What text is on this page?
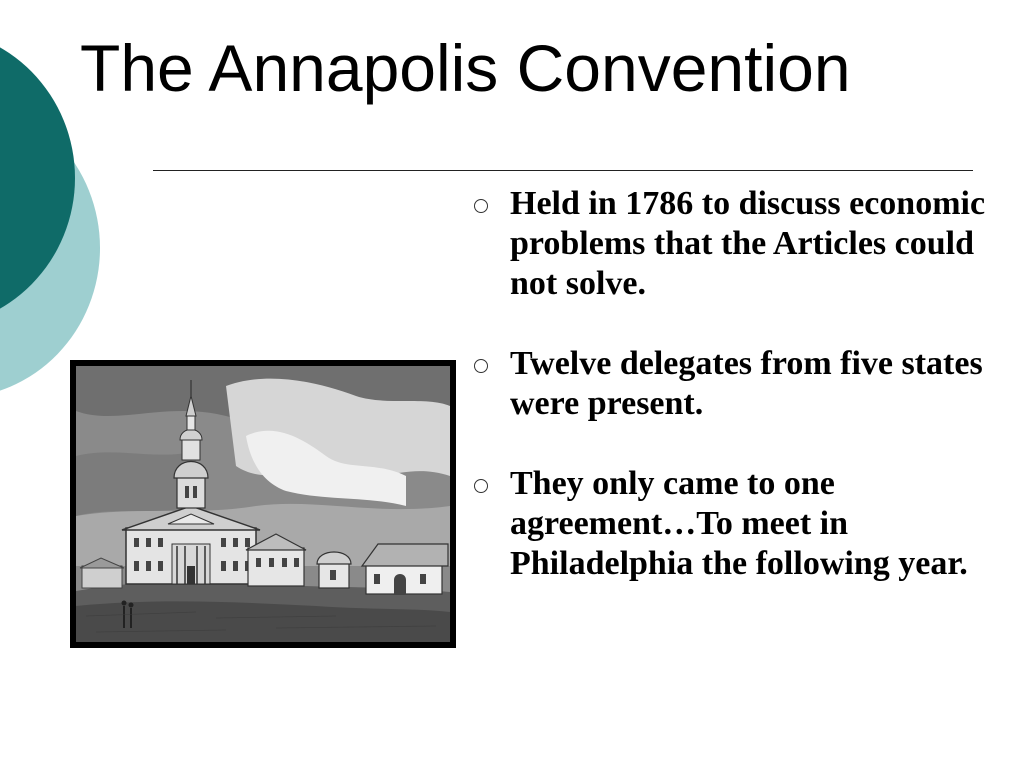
The Annapolis Convention
Held in 1786 to discuss economic problems that the Articles could not solve.
Twelve delegates from five states were present.
They only came to one agreement…To meet in Philadelphia the following year.
